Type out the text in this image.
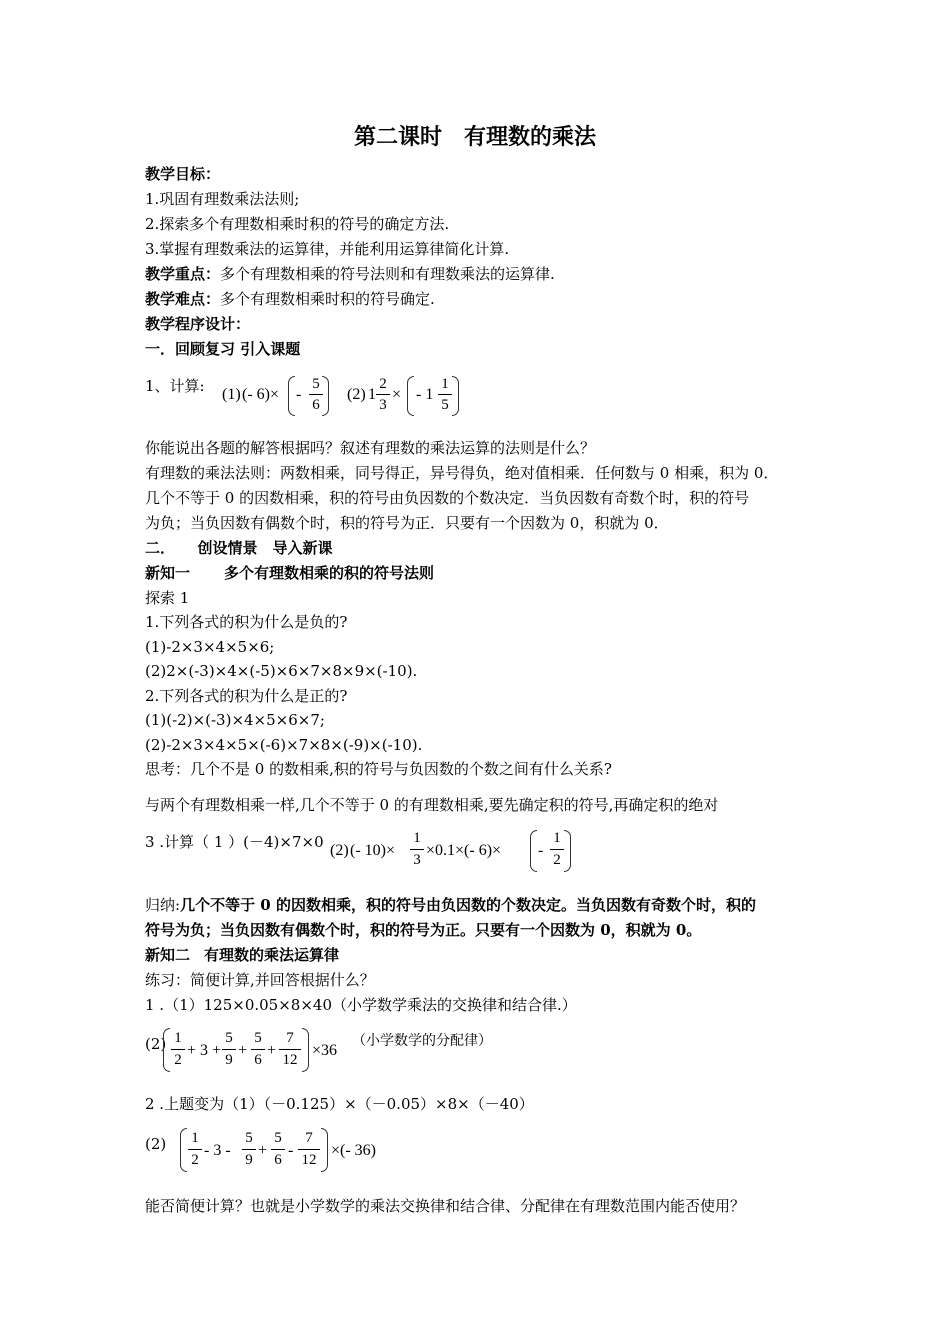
第二课时　有理数的乘法
教学目标：
1.巩固有理数乘法法则;
2.探索多个有理数相乘时积的符号的确定方法.
3.掌握有理数乘法的运算律，并能利用运算律简化计算.
教学重点：多个有理数相乘的符号法则和有理数乘法的运算律.
教学难点：多个有理数相乘时积的符号确定.
教学程序设计：
一．回顾复习 引入课题
1、计算: (1) (- 6)× -
5
6
(2) 1
2
3
× - 1
1
5
你能说出各题的解答根据吗？叙述有理数的乘法运算的法则是什么？
有理数的乘法法则：两数相乘，同号得正，异号得负，绝对值相乘．任何数与 0 相乘，积为 0．
几个不等于 0 的因数相乘，积的符号由负因数的个数决定．当负因数有奇数个时，积的符号
为负；当负因数有偶数个时，积的符号为正．只要有一个因数为 0，积就为 0．
二．　　创设情景　导入新课
新知一 多个有理数相乘的积的符号法则
探索 1
1.下列各式的积为什么是负的?
(1)-2×3×4×5×6;
(2)2×(-3)×4×(-5)×6×7×8×9×(-10).
2.下列各式的积为什么是正的?
(1)(-2)×(-3)×4×5×6×7;
(2)-2×3×4×5×(-6)×7×8×(-9)×(-10).
思考：几个不是 0 的数相乘,积的符号与负因数的个数之间有什么关系?
与两个有理数相乘一样,几个不等于 0 的有理数相乘,要先确定积的符号,再确定积的绝对
3 .计算（ 1 ）(－4)×7×0 (2) (- 10)×
1
3
×0.1×(- 6)× -
1
2
归纳:几个不等于 0 的因数相乘，积的符号由负因数的个数决定。当负因数有奇数个时，积的
符号为负；当负因数有偶数个时，积的符号为正。只要有一个因数为 0，积就为 0。
新知二 有理数的乘法运算律
练习：简便计算,并回答根据什么？
1 .（1）125×0.05×8×40（小学数学乘法的交换律和结合律.）
(2) 1
2
+ 3 +
5
9
+
5
6
+
7
12
×36
（小学数学的分配律）
2 .上题变为（1）（－0.125）×（－0.05）×8×（－40）
(2) 1
2
- 3 -
5
9
+
5
6
-
7
12
×(- 36)
能否简便计算？也就是小学数学的乘法交换律和结合律、分配律在有理数范围内能否使用？
